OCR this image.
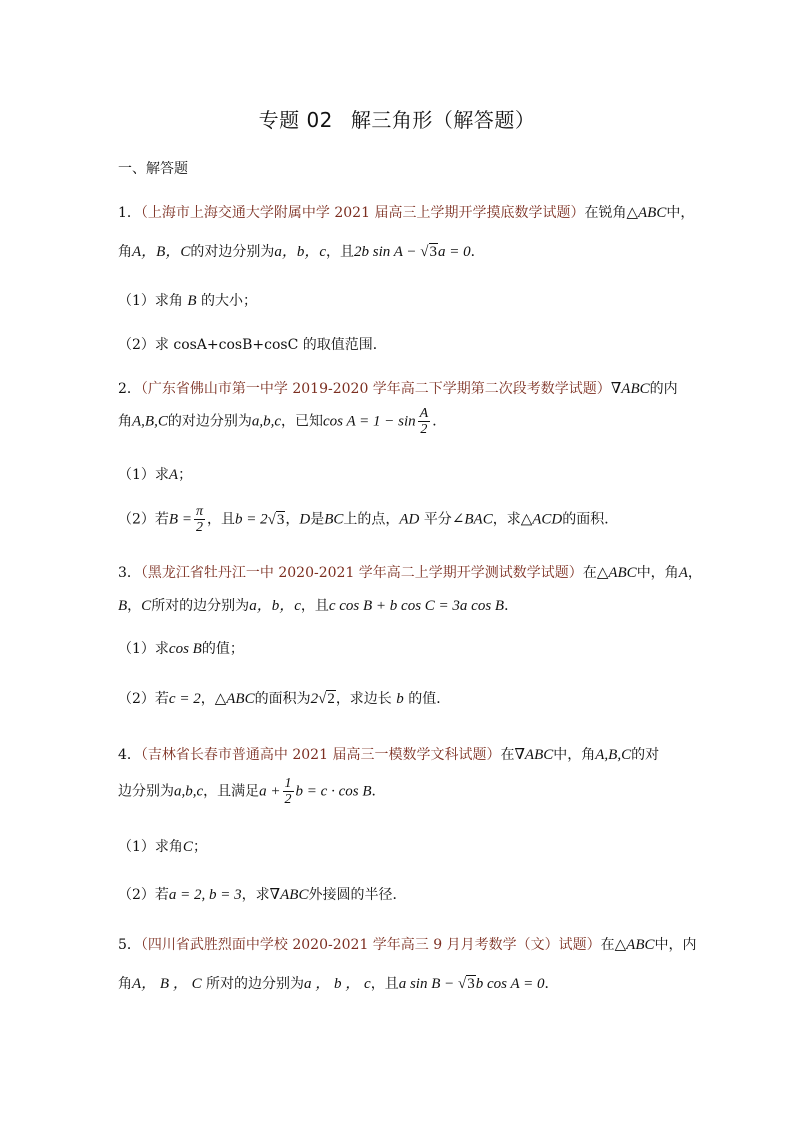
专题 02 解三角形（解答题）
一、解答题
1．（上海市上海交通大学附属中学 2021 届高三上学期开学摸底数学试题）在锐角△ABC中，
角A，B，C的对边分别为a，b，c，且2b sin A − √3a = 0．
（1）求角 B 的大小；
（2）求 cosA+cosB+cosC 的取值范围．
2．（广东省佛山市第一中学 2019-2020 学年高二下学期第二次段考数学试题）∇ABC的内
角A,B,C的对边分别为a,b,c，已知$\cos A = 1 - \sin \frac{A}{2}$ ．
（1）求A；
（2）若$B = \frac{\pi}{2}$ ，且b = 2√3，D是BC上的点，AD 平分∠BAC，求△ACD的面积．
3．（黑龙江省牡丹江一中 2020-2021 学年高二上学期开学测试数学试题）在△ABC中，角A，
B，C所对的边分别为a，b，c，且c cos B + b cos C = 3a cos B．
（1）求cos B的值；
（2）若c = 2，△ABC的面积为2√2，求边长 b 的值．
4．（吉林省长春市普通高中 2021 届高三一模数学文科试题）在∇ABC中，角A,B,C的对
边分别为a,b,c，且满足$a + \frac{1}{2}$ b = c · cos B．
（1）求角C；
（2）若a = 2, b = 3，求∇ABC外接圆的半径．
5．（四川省武胜烈面中学校 2020-2021 学年高三 9 月月考数学（文）试题）在△ABC中，内
角A， B ， C 所对的边分别为a ， b ， c，且a sin B − √3b cos A = 0．
